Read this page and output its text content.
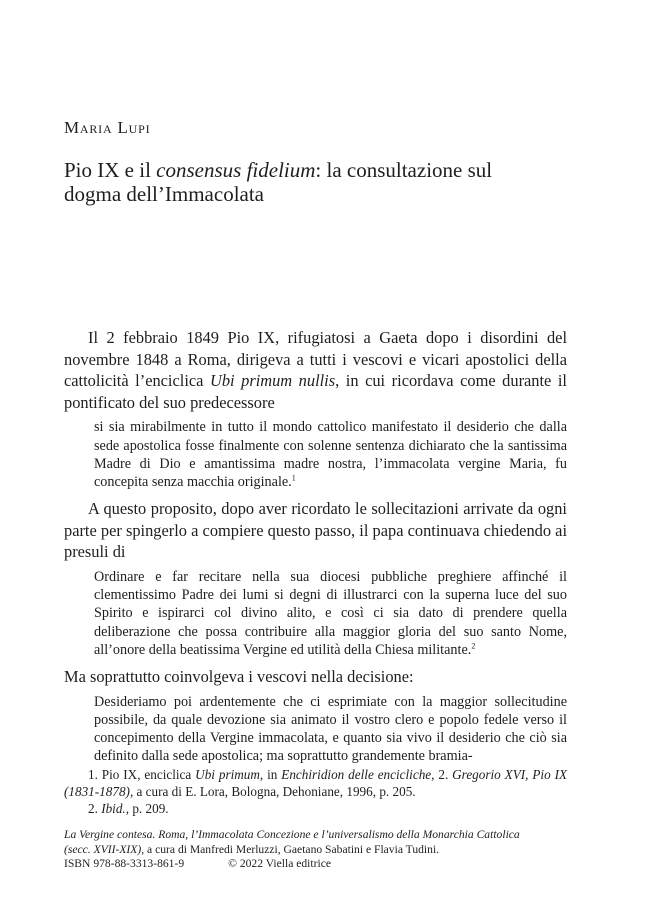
Maria Lupi
Pio IX e il consensus fidelium: la consultazione sul dogma dell’Immacolata

Il 2 febbraio 1849 Pio IX, rifugiatosi a Gaeta dopo i disordini del novembre 1848 a Roma, dirigeva a tutti i vescovi e vicari apostolici della cattolicità l’enciclica Ubi primum nullis, in cui ricordava come durante il pontificato del suo predecessore

si sia mirabilmente in tutto il mondo cattolico manifestato il desiderio che dalla sede apostolica fosse finalmente con solenne sentenza dichiarato che la santissima Madre di Dio e amantissima madre nostra, l’immacolata vergine Maria, fu concepita senza macchia originale.$^1$

A questo proposito, dopo aver ricordato le sollecitazioni arrivate da ogni parte per spingerlo a compiere questo passo, il papa continuava chiedendo ai presuli di

Ordinare e far recitare nella sua diocesi pubbliche preghiere affinché il clementissimo Padre dei lumi si degni di illustrarci con la superna luce del suo Spirito e ispirarci col divino alito, e così ci sia dato di prendere quella deliberazione che possa contribuire alla maggior gloria del suo santo Nome, all’onore della beatissima Vergine ed utilità della Chiesa militante.$^2$

Ma soprattutto coinvolgeva i vescovi nella decisione:

Desideriamo poi ardentemente che ci esprimiate con la maggior sollecitudine possibile, da quale devozione sia animato il vostro clero e popolo fedele verso il concepimento della Vergine immacolata, e quanto sia vivo il desiderio che ciò sia definito dalla sede apostolica; ma soprattutto grandemente bramia-

1. Pio IX, enciclica Ubi primum, in Enchiridion delle encicliche, 2. Gregorio XVI, Pio IX (1831-1878), a cura di E. Lora, Bologna, Dehoniane, 1996, p. 205.

2. Ibid., p. 209.

La Vergine contesa. Roma, l’Immacolata Concezione e l’universalismo della Monarchia Cattolica

(secc. XVII-XIX), a cura di Manfredi Merluzzi, Gaetano Sabatini e Flavia Tudini.

ISBN 978-88-3313-861-9	© 2022 Viella editrice
